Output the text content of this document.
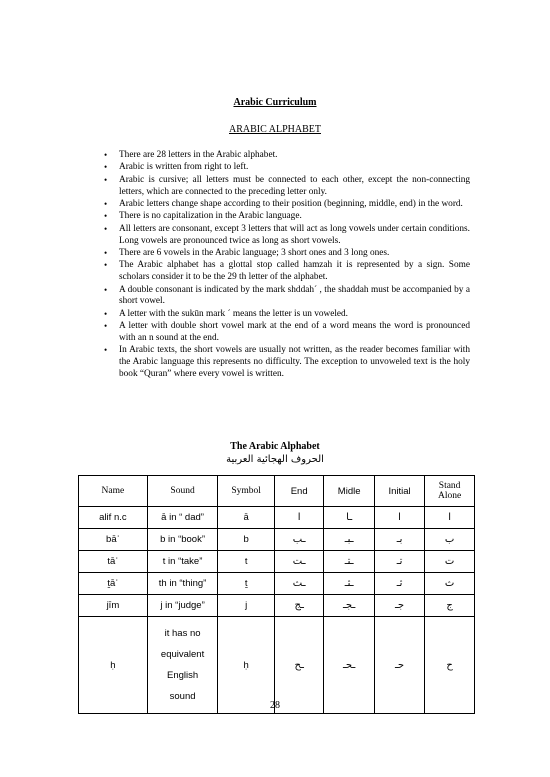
Arabic Curriculum
ARABIC ALPHABET
• There are 28 letters in the Arabic alphabet.
• Arabic is written from right to left.
• Arabic is cursive; all letters must be connected to each other, except the non-connecting letters, which are connected to the preceding letter only.
• Arabic letters change shape according to their position (beginning, middle, end) in the word.
• There is no capitalization in the Arabic language.
• All letters are consonant, except 3 letters that will act as long vowels under certain conditions. Long vowels are pronounced twice as long as short vowels.
• There are 6 vowels in the Arabic language; 3 short ones and 3 long ones.
• The Arabic alphabet has a glottal stop called hamzah it is represented by a sign. Some scholars consider it to be the 29 th letter of the alphabet.
• A double consonant is indicated by the mark shddah´ , the shaddah must be accompanied by a short vowel.
• A letter with the sukūn mark ´ means the letter is un voweled.
• A letter with double short vowel mark at the end of a word means the word is pronounced with an n sound at the end.
• In Arabic texts, the short vowels are usually not written, as the reader becomes familiar with the Arabic language this represents no difficulty. The exception to unvoweled text is the holy book “Quran” where every vowel is written.
The Arabic Alphabet
الحروف الهجائية العربية
Name	Sound	Symbol	End	Midle	Initial	Stand Alone
alif n.c	ā in “ dad”	ā	ا	ـا	ا	ا
bāʾ	b in “book”	b	ـب	ـبـ	بـ	ب
tāʾ	t in “take”	t	ـت	ـتـ	تـ	ت
ṯāʾ	th in “thing”	ṯ	ـث	ـثـ	ثـ	ث
jīm	j in “judge”	j	ـج	ـجـ	جـ	ج
ḥ	it has no
equivalent
English
sound	ḥ	ـح	ـحـ	حـ	ح
28
